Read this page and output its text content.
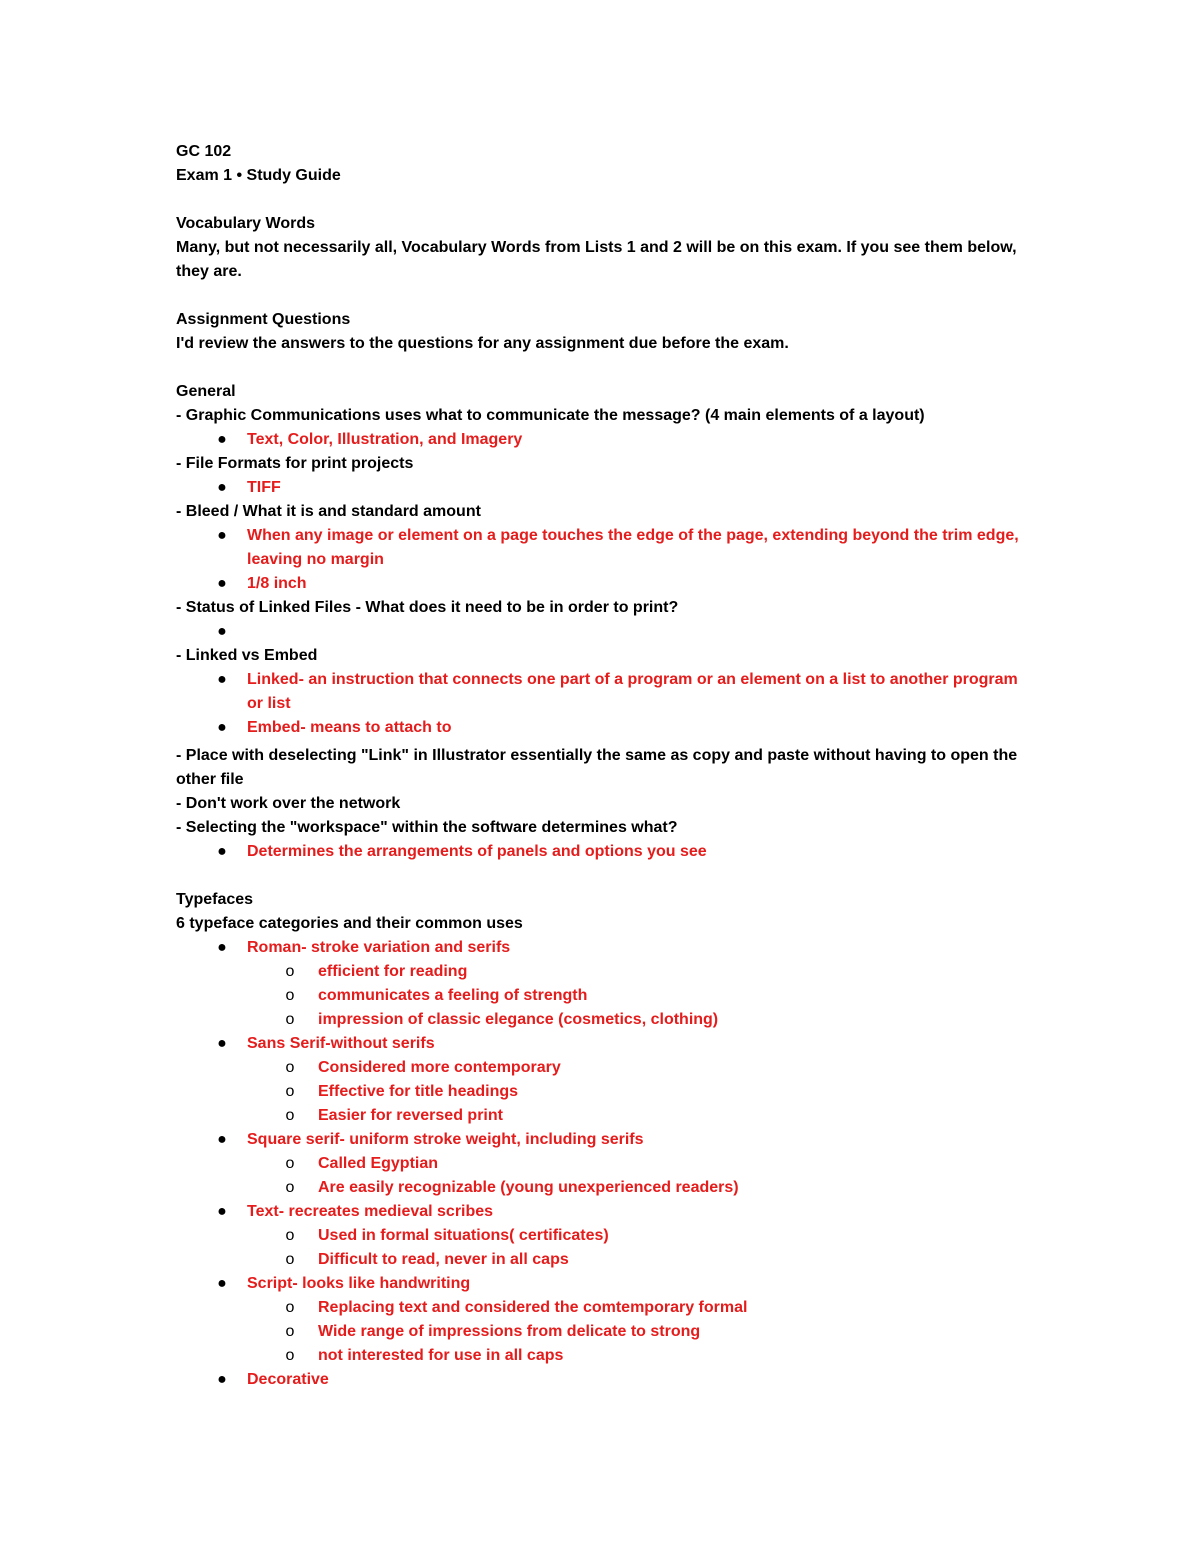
GC 102
Exam 1 • Study Guide
Vocabulary Words
Many, but not necessarily all, Vocabulary Words from Lists 1 and 2 will be on this exam. If you see them below, they are.
Assignment Questions
I'd review the answers to the questions for any assignment due before the exam.
General
- Graphic Communications uses what to communicate the message? (4 main elements of a layout)
●	Text, Color, Illustration, and Imagery
- File Formats for print projects
●	TIFF
- Bleed / What it is and standard amount
●	When any image or element on a page touches the edge of the page, extending beyond the trim edge, leaving no margin
●	1/8 inch
- Status of Linked Files - What does it need to be in order to print?
●
- Linked vs Embed
●	Linked- an instruction that connects one part of a program or an element on a list to another program or list
●	Embed- means to attach to
- Place with deselecting "Link" in Illustrator essentially the same as copy and paste without having to open the other file
- Don't work over the network
- Selecting the "workspace" within the software determines what?
●	Determines the arrangements of panels and options you see
Typefaces
6 typeface categories and their common uses
●	Roman- stroke variation and serifs
o	efficient for reading
o	communicates a feeling of strength
o	impression of classic elegance (cosmetics, clothing)
●	Sans Serif-without serifs
o	Considered more contemporary
o	Effective for title headings
o	Easier for reversed print
●	Square serif- uniform stroke weight, including serifs
o	Called Egyptian
o	Are easily recognizable (young unexperienced readers)
●	Text- recreates medieval scribes
o	Used in formal situations( certificates)
o	Difficult to read, never in all caps
●	Script- looks like handwriting
o	Replacing text and considered the comtemporary formal
o	Wide range of impressions from delicate to strong
o	not interested for use in all caps
●	Decorative
